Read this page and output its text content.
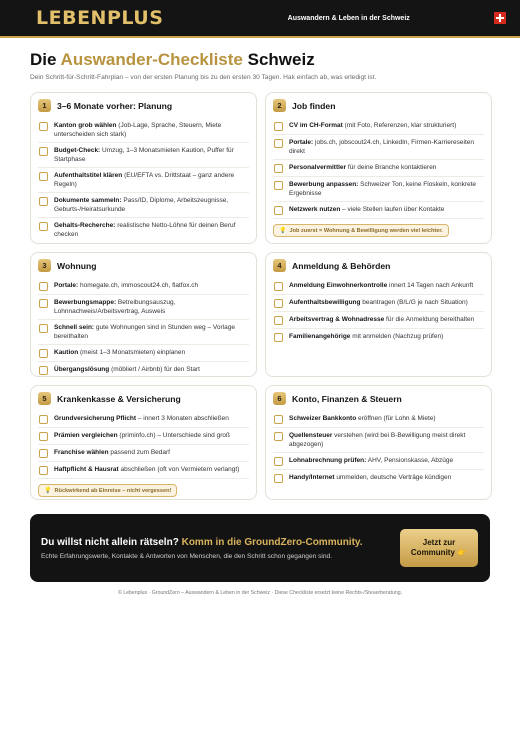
LEBENPLUS	Auswandern & Leben in der Schweiz
Die Auswander-Checkliste Schweiz
Dein Schritt-für-Schritt-Fahrplan – von der ersten Planung bis zu den ersten 30 Tagen. Hak einfach ab, was erledigt ist.
1	3–6 Monate vorher: Planung
Kanton grob wählen (Job-Lage, Sprache, Steuern, Miete unterscheiden sich stark)
Budget-Check: Umzug, 1–3 Monatsmieten Kaution, Puffer für Startphase
Aufenthaltstitel klären (EU/EFTA vs. Drittstaat – ganz andere Regeln)
Dokumente sammeln: Pass/ID, Diplome, Arbeitszeugnisse, Geburts-/Heiratsurkunde
Gehalts-Recherche: realistische Netto-Löhne für deinen Beruf checken
2	Job finden
CV im CH-Format (mit Foto, Referenzen, klar strukturiert)
Portale: jobs.ch, jobscout24.ch, LinkedIn, Firmen-Karriereseiten direkt
Personalvermittler für deine Branche kontaktieren
Bewerbung anpassen: Schweizer Ton, keine Floskeln, konkrete Ergebnisse
Netzwerk nutzen – viele Stellen laufen über Kontakte
💡 Job zuerst = Wohnung & Bewilligung werden viel leichter.
3	Wohnung
Portale: homegate.ch, immoscout24.ch, flatfox.ch
Bewerbungsmappe: Betreibungsauszug, Lohnnachweis/Arbeitsvertrag, Ausweis
Schnell sein: gute Wohnungen sind in Stunden weg – Vorlage bereithalten
Kaution (meist 1–3 Monatsmieten) einplanen
Übergangslösung (möbliert / Airbnb) für den Start
4	Anmeldung & Behörden
Anmeldung Einwohnerkontrolle innert 14 Tagen nach Ankunft
Aufenthaltsbewilligung beantragen (B/L/G je nach Situation)
Arbeitsvertrag & Wohnadresse für die Anmeldung bereithalten
Familienangehörige mit anmelden (Nachzug prüfen)
5	Krankenkasse & Versicherung
Grundversicherung Pflicht – innert 3 Monaten abschließen
Prämien vergleichen (priminfo.ch) – Unterschiede sind groß
Franchise wählen passend zum Bedarf
Haftpflicht & Hausrat abschließen (oft von Vermietern verlangt)
💡 Rückwirkend ab Einreise – nicht vergessen!
6	Konto, Finanzen & Steuern
Schweizer Bankkonto eröffnen (für Lohn & Miete)
Quellensteuer verstehen (wird bei B-Bewilligung meist direkt abgezogen)
Lohnabrechnung prüfen: AHV, Pensionskasse, Abzüge
Handy/Internet ummelden, deutsche Verträge kündigen
Du willst nicht allein rätseln? Komm in die GroundZero-Community.
Echte Erfahrungswerte, Kontakte & Antworten von Menschen, die den Schritt schon gegangen sind.
Jetzt zur
Community 👉
© Lebenplus · GroundZero – Auswandern & Leben in der Schweiz · Diese Checkliste ersetzt keine Rechts-/Steuerberatung.
